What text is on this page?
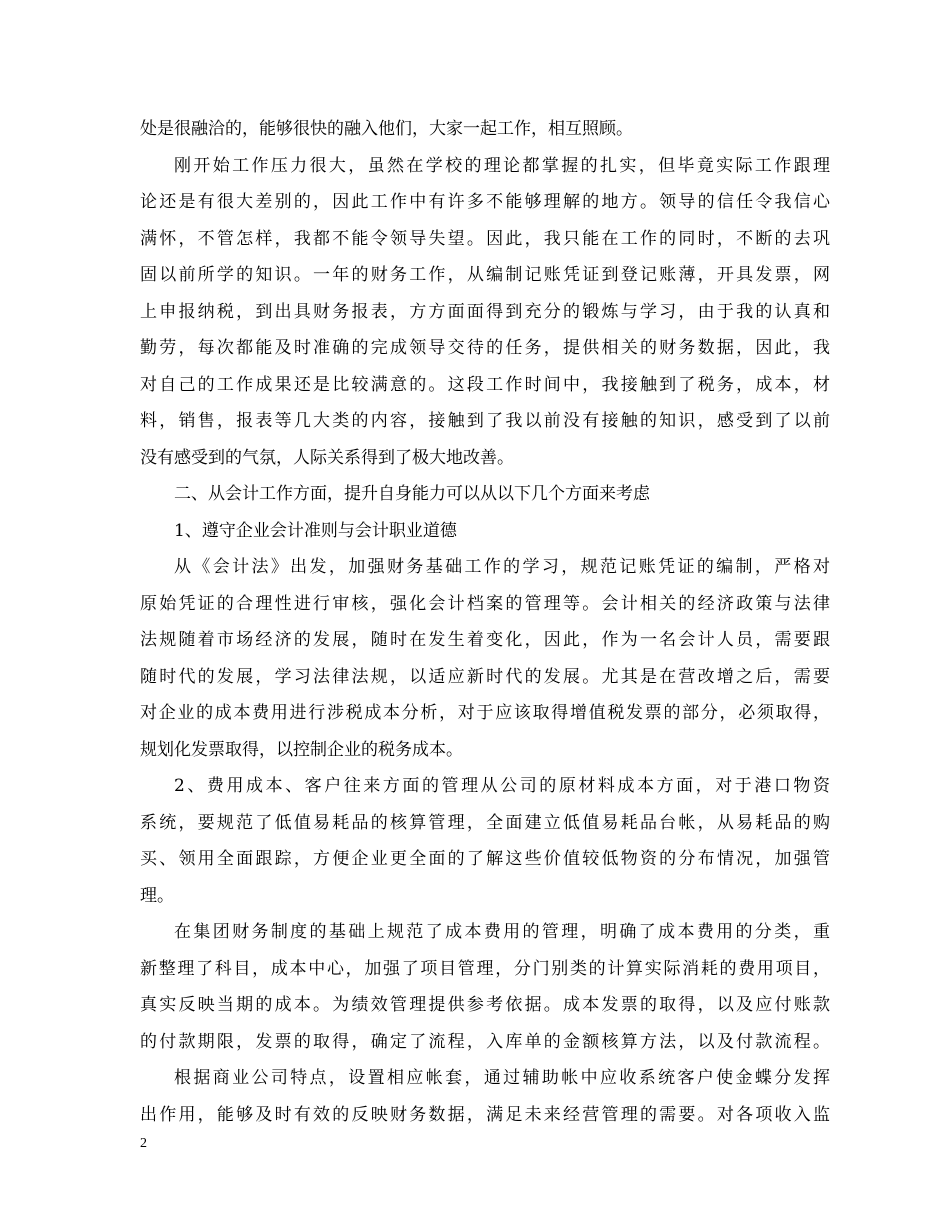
处是很融洽的，能够很快的融入他们，大家一起工作，相互照顾。
刚开始工作压力很大，虽然在学校的理论都掌握的扎实，但毕竟实际工作跟理
论还是有很大差别的，因此工作中有许多不能够理解的地方。领导的信任令我信心
满怀，不管怎样，我都不能令领导失望。因此，我只能在工作的同时，不断的去巩
固以前所学的知识。一年的财务工作，从编制记账凭证到登记账薄，开具发票，网
上申报纳税，到出具财务报表，方方面面得到充分的锻炼与学习，由于我的认真和
勤劳，每次都能及时准确的完成领导交待的任务，提供相关的财务数据，因此，我
对自己的工作成果还是比较满意的。这段工作时间中，我接触到了税务，成本，材
料，销售，报表等几大类的内容，接触到了我以前没有接触的知识，感受到了以前
没有感受到的气氛，人际关系得到了极大地改善。
二、从会计工作方面，提升自身能力可以从以下几个方面来考虑
1、遵守企业会计准则与会计职业道德
从《会计法》出发，加强财务基础工作的学习，规范记账凭证的编制，严格对
原始凭证的合理性进行审核，强化会计档案的管理等。会计相关的经济政策与法律
法规随着市场经济的发展，随时在发生着变化，因此，作为一名会计人员，需要跟
随时代的发展，学习法律法规，以适应新时代的发展。尤其是在营改增之后，需要
对企业的成本费用进行涉税成本分析，对于应该取得增值税发票的部分，必须取得，
规划化发票取得，以控制企业的税务成本。
2、费用成本、客户往来方面的管理从公司的原材料成本方面，对于港口物资
系统，要规范了低值易耗品的核算管理，全面建立低值易耗品台帐，从易耗品的购
买、领用全面跟踪，方便企业更全面的了解这些价值较低物资的分布情况，加强管
理。
在集团财务制度的基础上规范了成本费用的管理，明确了成本费用的分类，重
新整理了科目，成本中心，加强了项目管理，分门别类的计算实际消耗的费用项目，
真实反映当期的成本。为绩效管理提供参考依据。成本发票的取得，以及应付账款
的付款期限，发票的取得，确定了流程，入库单的金额核算方法，以及付款流程。
根据商业公司特点，设置相应帐套，通过辅助帐中应收系统客户使金蝶分发挥
出作用，能够及时有效的反映财务数据，满足未来经营管理的需要。对各项收入监
2
